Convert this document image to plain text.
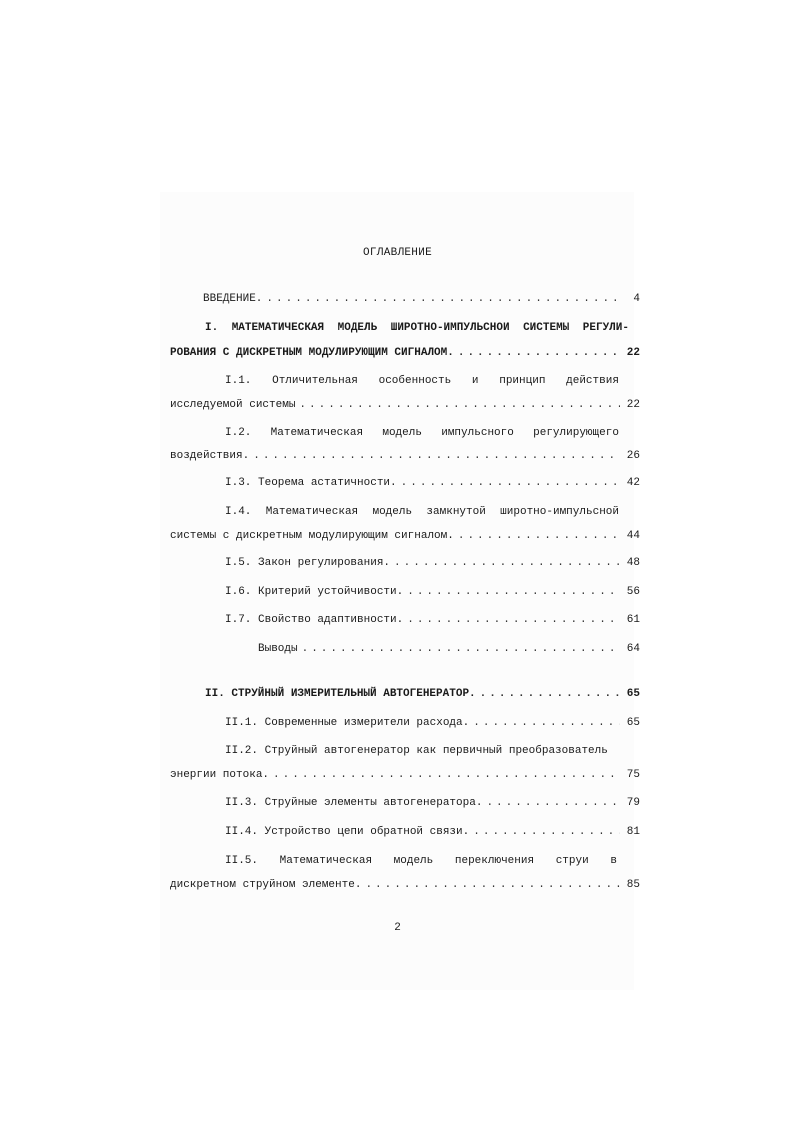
ОГЛАВЛЕНИЕ
ВВЕДЕНИЕ. .....	4
I. МАТЕМАТИЧЕСКАЯ МОДЕЛЬ ШИРОТНО-ИМПУЛЬСНОИ СИСТЕМЫ РЕГУЛИ-
РОВАНИЯ С ДИСКРЕТНЫМ МОДУЛИРУЮЩИМ СИГНАЛОМ. .....	22
I.1. Отличительная особенность и принцип действия
исследуемой системы .....	22
I.2. Математическая модель импульсного регулирующего
воздействия. .....	26
I.3. Теорема астатичности. .....	42
I.4. Математическая модель замкнутой широтно-импульсной
системы с дискретным модулирующим сигналом. .....	44
I.5. Закон регулирования. .....	48
I.6. Критерий устойчивости. .....	56
I.7. Свойство адаптивности. .....	61
Выводы .....	64
II. СТРУЙНЫЙ ИЗМЕРИТЕЛЬНЫЙ АВТОГЕНЕРАТОР. .....	65
II.1. Современные измерители расхода. .....	65
II.2. Струйный автогенератор как первичный преобразователь
энергии потока. .....	75
II.3. Струйные элементы автогенератора. .....	79
II.4. Устройство цепи обратной связи. .....	81
II.5. Математическая модель переключения струи в
дискретном струйном элементе. .....	85
2
